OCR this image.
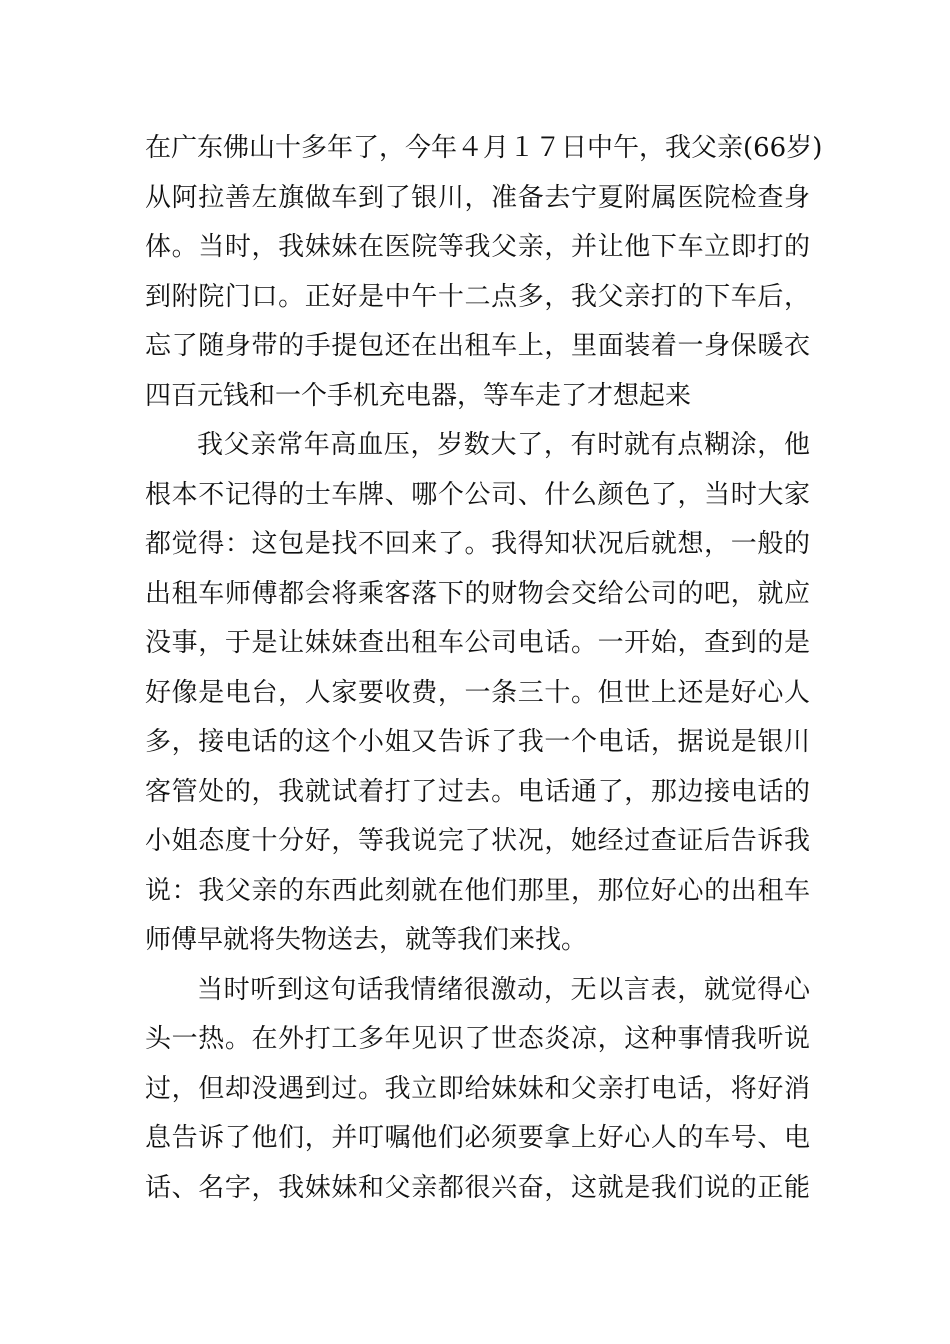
在广东佛山十多年了，今年４月１７日中午，我父亲(66岁)
从阿拉善左旗做车到了银川，准备去宁夏附属医院检查身
体。当时，我妹妹在医院等我父亲，并让他下车立即打的
到附院门口。正好是中午十二点多，我父亲打的下车后，
忘了随身带的手提包还在出租车上，里面装着一身保暖衣
四百元钱和一个手机充电器，等车走了才想起来
我父亲常年高血压，岁数大了，有时就有点糊涂，他
根本不记得的士车牌、哪个公司、什么颜色了，当时大家
都觉得：这包是找不回来了。我得知状况后就想，一般的
出租车师傅都会将乘客落下的财物会交给公司的吧，就应
没事，于是让妹妹查出租车公司电话。一开始，查到的是
好像是电台，人家要收费，一条三十。但世上还是好心人
多，接电话的这个小姐又告诉了我一个电话，据说是银川
客管处的，我就试着打了过去。电话通了，那边接电话的
小姐态度十分好，等我说完了状况，她经过查证后告诉我
说：我父亲的东西此刻就在他们那里，那位好心的出租车
师傅早就将失物送去，就等我们来找。
当时听到这句话我情绪很激动，无以言表，就觉得心
头一热。在外打工多年见识了世态炎凉，这种事情我听说
过，但却没遇到过。我立即给妹妹和父亲打电话，将好消
息告诉了他们，并叮嘱他们必须要拿上好心人的车号、电
话、名字，我妹妹和父亲都很兴奋，这就是我们说的正能
